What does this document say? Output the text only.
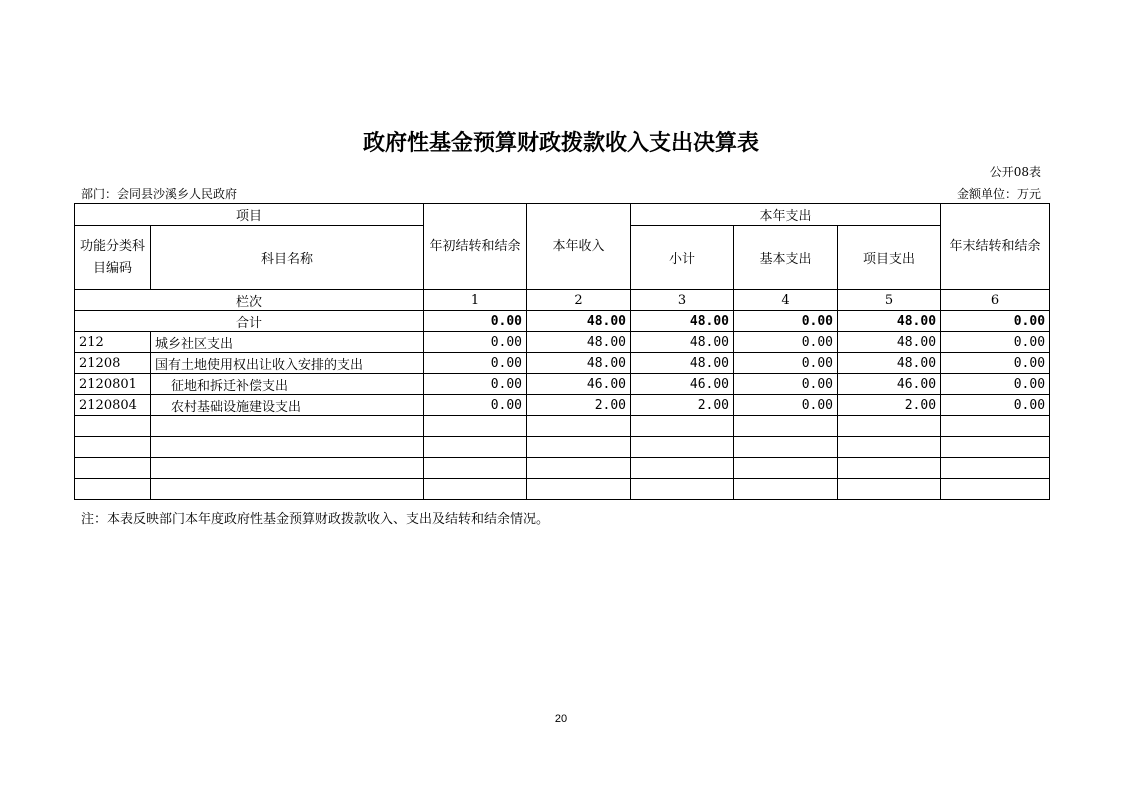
政府性基金预算财政拨款收入支出决算表
公开08表
部门：会同县沙溪乡人民政府	金额单位：万元
项目		年初结转和结余	本年收入	本年支出			年末结转和结余
功能分类科目编码	科目名称			小计	基本支出	项目支出	
栏次		1	2	3	4	5	6
合计		0.00	48.00	48.00	0.00	48.00	0.00
212	城乡社区支出	0.00	48.00	48.00	0.00	48.00	0.00
21208	国有土地使用权出让收入安排的支出	0.00	48.00	48.00	0.00	48.00	0.00
2120801	征地和拆迁补偿支出	0.00	46.00	46.00	0.00	46.00	0.00
2120804	农村基础设施建设支出	0.00	2.00	2.00	0.00	2.00	0.00

注：本表反映部门本年度政府性基金预算财政拨款收入、支出及结转和结余情况。
20
